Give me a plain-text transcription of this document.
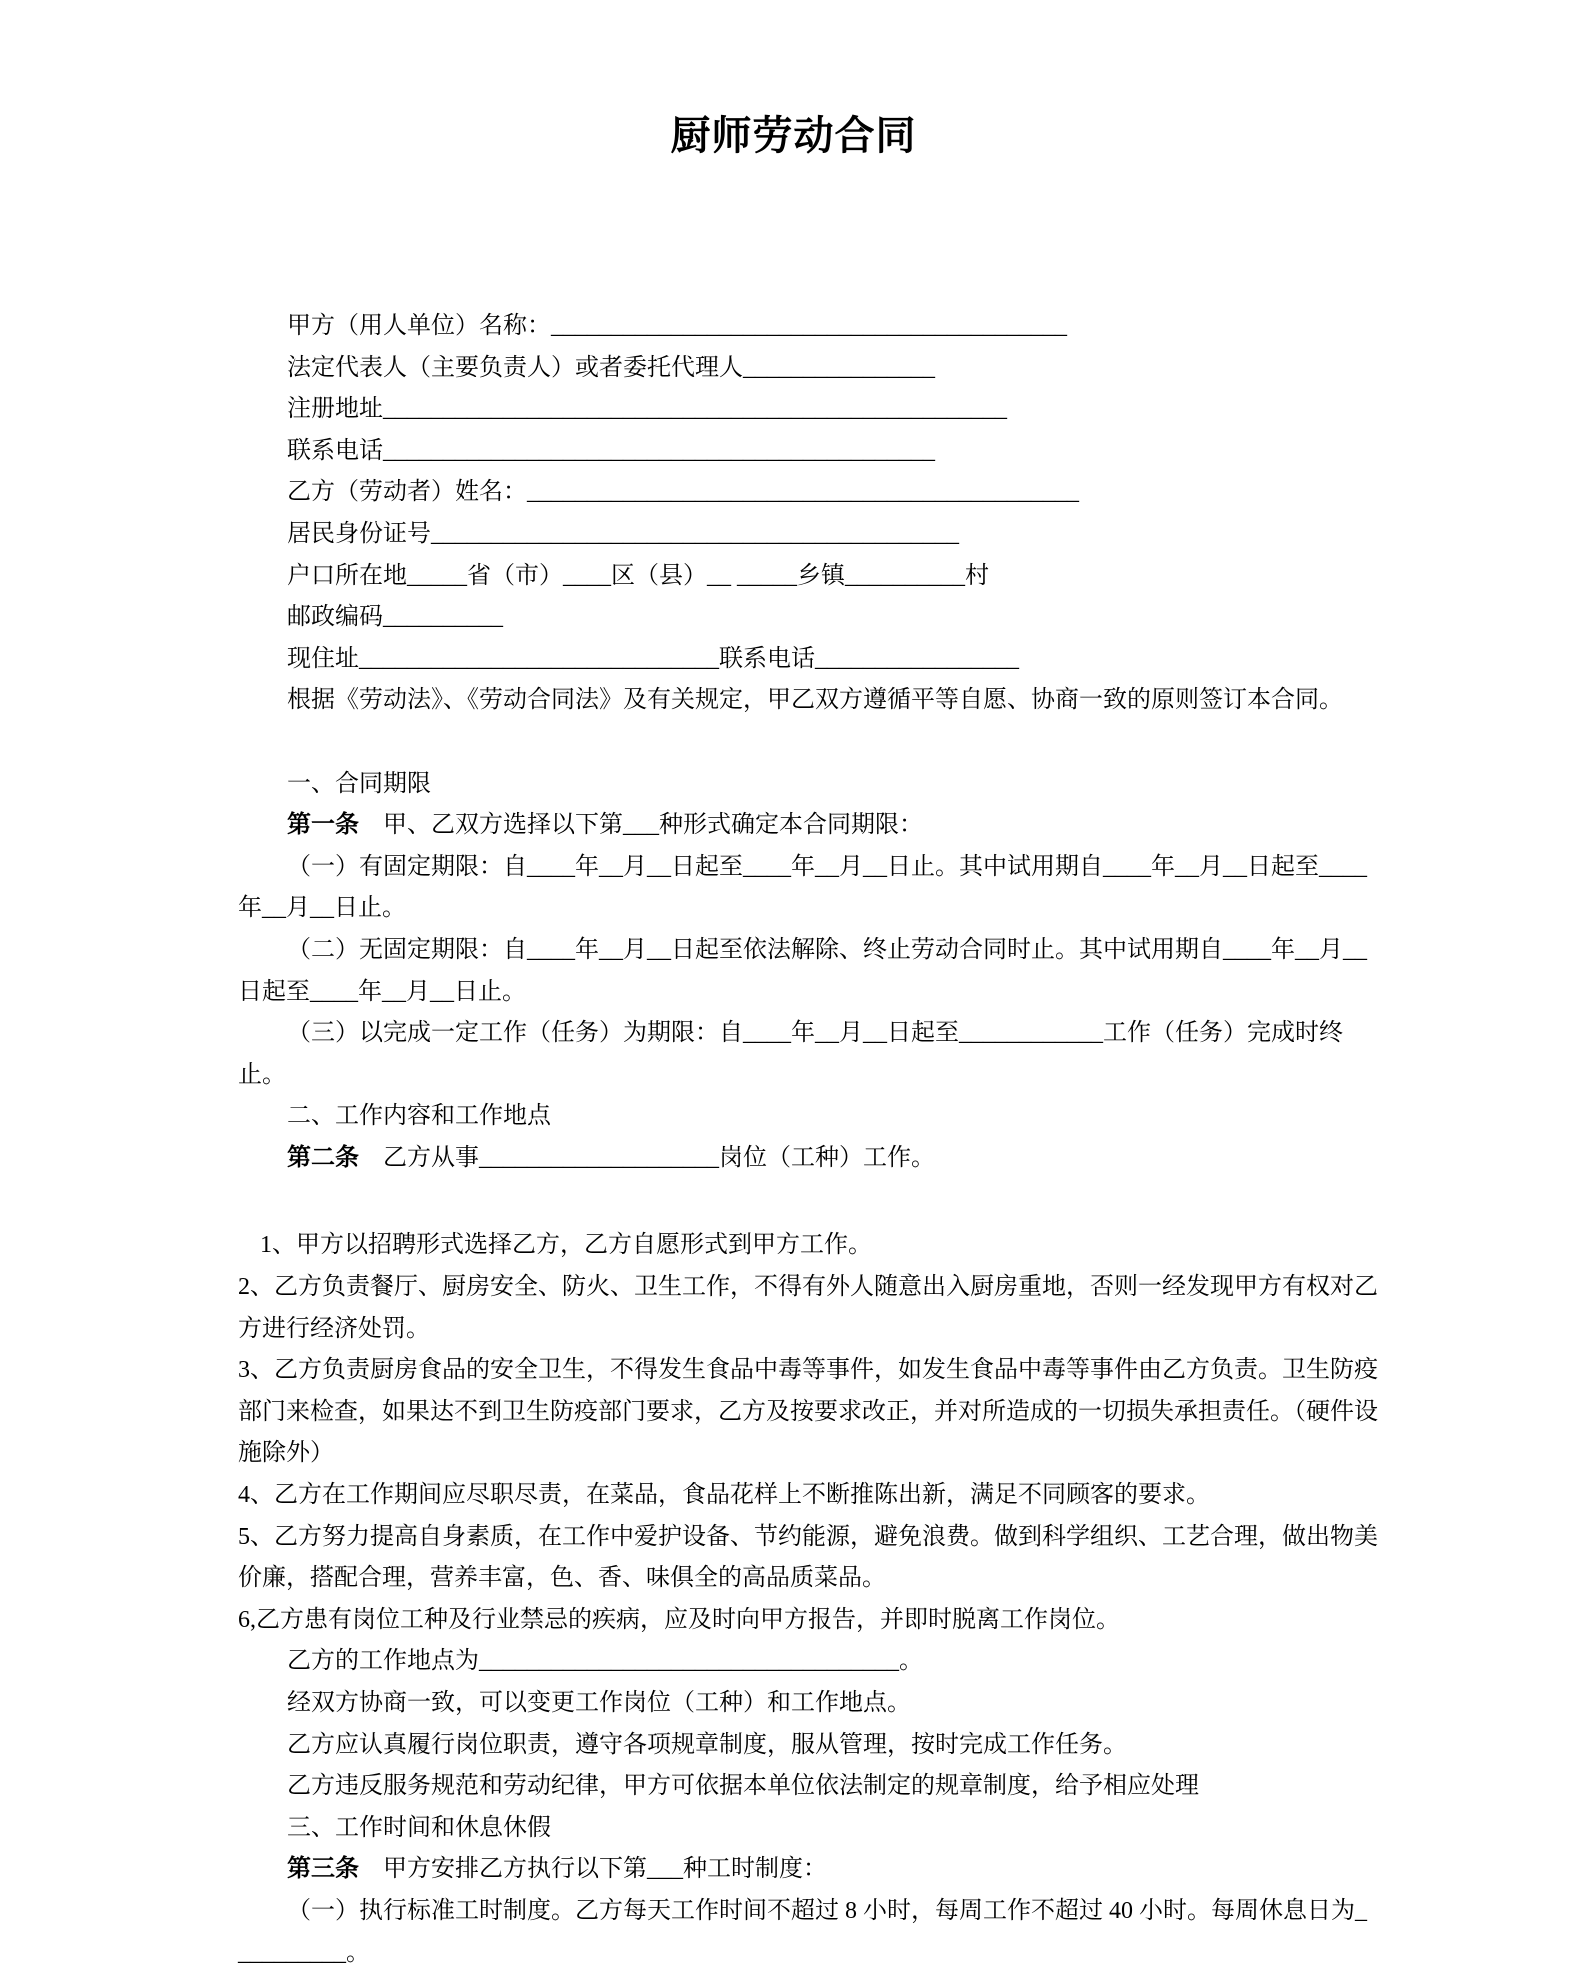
厨师劳动合同

甲方（用人单位）名称：___________________________________________

法定代表人（主要负责人）或者委托代理人________________

注册地址____________________________________________________

联系电话______________________________________________

乙方（劳动者）姓名：______________________________________________

居民身份证号____________________________________________

户口所在地_____省（市）____区（县）__ _____乡镇__________村

邮政编码__________

现住址______________________________联系电话_________________

根据《劳动法》、《劳动合同法》及有关规定，甲乙双方遵循平等自愿、协商一致的原则签订本合同。

一、合同期限

第一条　甲、乙双方选择以下第___种形式确定本合同期限：

（一）有固定期限：自____年__月__日起至____年__月__日止。其中试用期自____年__月__日起至____年__月__日止。

（二）无固定期限：自____年__月__日起至依法解除、终止劳动合同时止。其中试用期自____年__月__日起至____年__月__日止。

（三）以完成一定工作（任务）为期限：自____年__月__日起至____________工作（任务）完成时终止。

二、工作内容和工作地点

第二条　乙方从事____________________岗位（工种）工作。

1、甲方以招聘形式选择乙方，乙方自愿形式到甲方工作。

2、乙方负责餐厅、厨房安全、防火、卫生工作，不得有外人随意出入厨房重地，否则一经发现甲方有权对乙方进行经济处罚。

3、乙方负责厨房食品的安全卫生，不得发生食品中毒等事件，如发生食品中毒等事件由乙方负责。卫生防疫部门来检查，如果达不到卫生防疫部门要求，乙方及按要求改正，并对所造成的一切损失承担责任。（硬件设施除外）

4、乙方在工作期间应尽职尽责，在菜品，食品花样上不断推陈出新，满足不同顾客的要求。

5、乙方努力提高自身素质，在工作中爱护设备、节约能源，避免浪费。做到科学组织、工艺合理，做出物美价廉，搭配合理，营养丰富，色、香、味俱全的高品质菜品。

6,乙方患有岗位工种及行业禁忌的疾病，应及时向甲方报告，并即时脱离工作岗位。

乙方的工作地点为___________________________________。

经双方协商一致，可以变更工作岗位（工种）和工作地点。

乙方应认真履行岗位职责，遵守各项规章制度，服从管理，按时完成工作任务。

乙方违反服务规范和劳动纪律，甲方可依据本单位依法制定的规章制度，给予相应处理

三、工作时间和休息休假

第三条　甲方安排乙方执行以下第___种工时制度：

（一）执行标准工时制度。乙方每天工作时间不超过 8 小时，每周工作不超过 40 小时。每周休息日为__________。
